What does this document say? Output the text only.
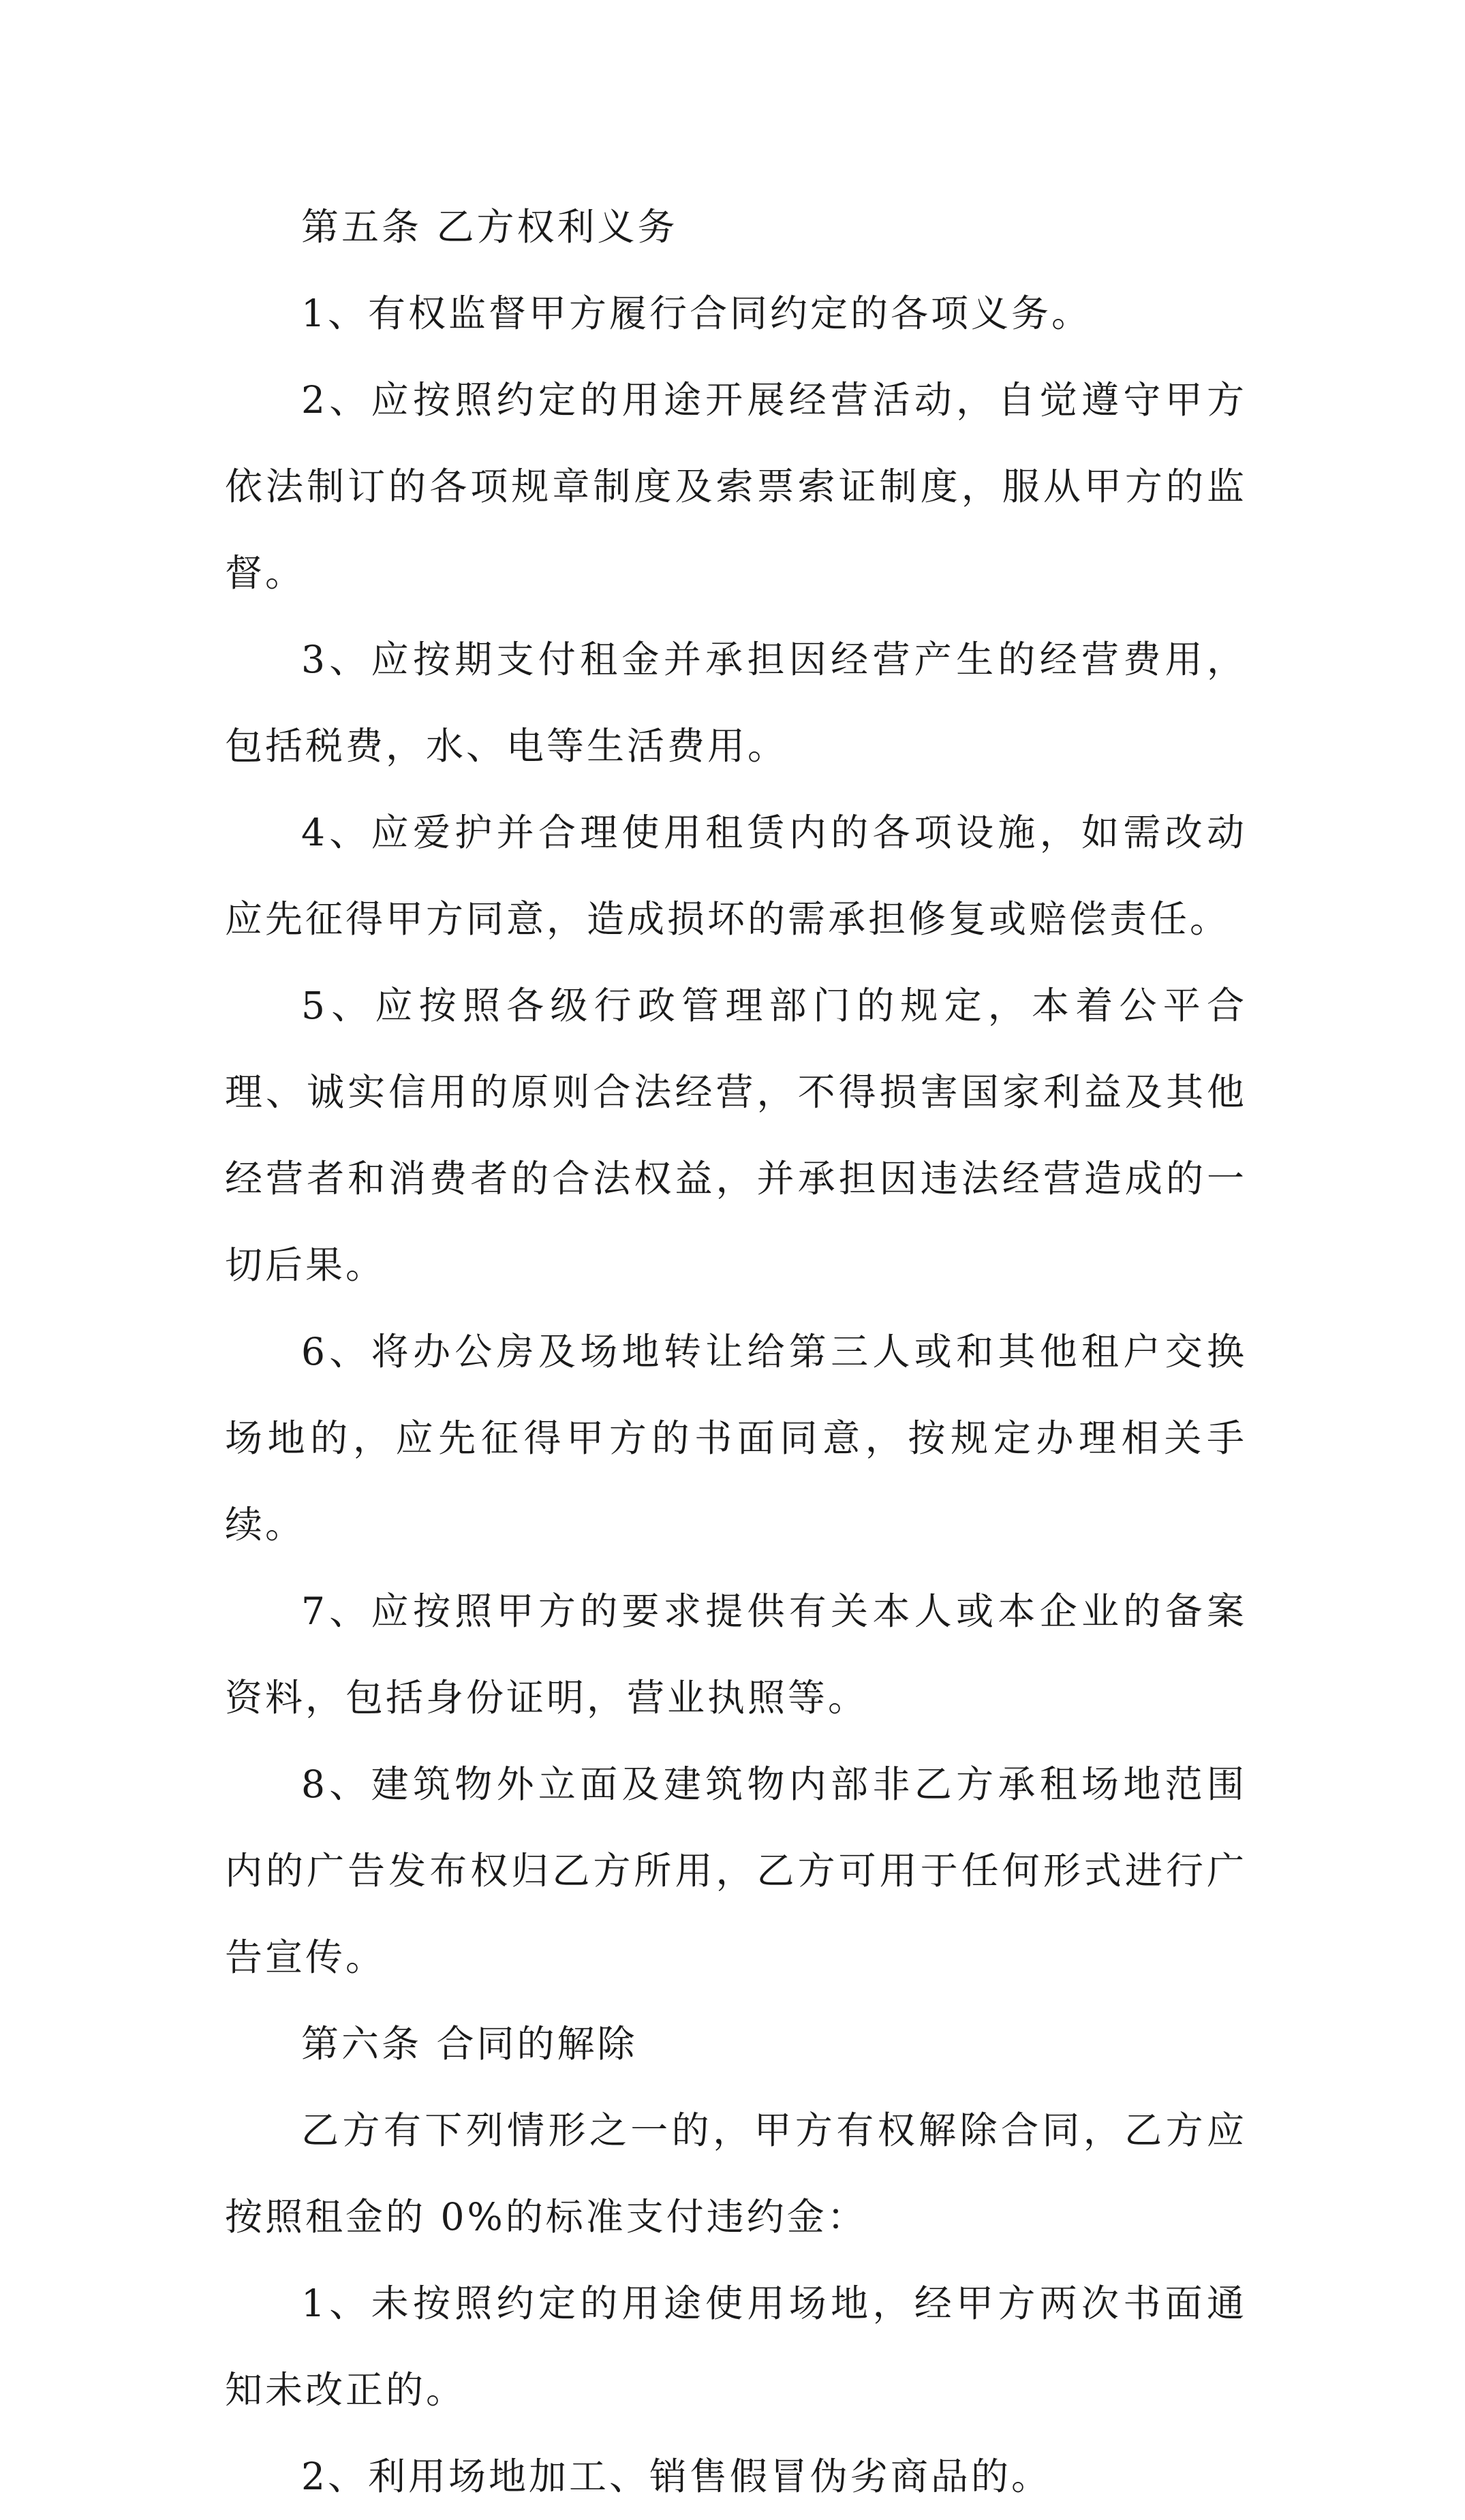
第五条 乙方权利义务

1、有权监督甲方履行合同约定的各项义务。

2、应按照约定的用途开展经营活动，自觉遵守甲方依法制订的各项规章制度及索票索证制度，服从甲方的监督。

3、应按期支付租金并承担因经营产生的经营费用，包括税费，水、电等生活费用。

4、应爱护并合理使用租赁内的各项设施，如需改动应先征得甲方同意，造成损坏的需承担修复或赔偿责任。

5、应按照各级行政管理部门的规定，本着公平合理、诚实信用的原则合法经营，不得损害国家利益及其他经营者和消费者的合法权益，并承担因违法经营造成的一切后果。

6、将办公房及场地转让给第三人或和其他租户交换场地的，应先征得甲方的书面同意，按规定办理相关手续。

7、应按照甲方的要求提供有关本人或本企业的备案资料，包括身份证明，营业执照等。

8、建筑物外立面及建筑物内部非乙方承租场地范围内的广告发布权归乙方所用，乙方可用于任何形式进行广告宣传。

第六条 合同的解除

乙方有下列情形之一的，甲方有权解除合同，乙方应按照租金的 0%的标准支付违约金：

1、未按照约定的用途使用场地，经甲方两次书面通知未改正的。

2、利用场地加工、销售假冒伪劣商品的。
